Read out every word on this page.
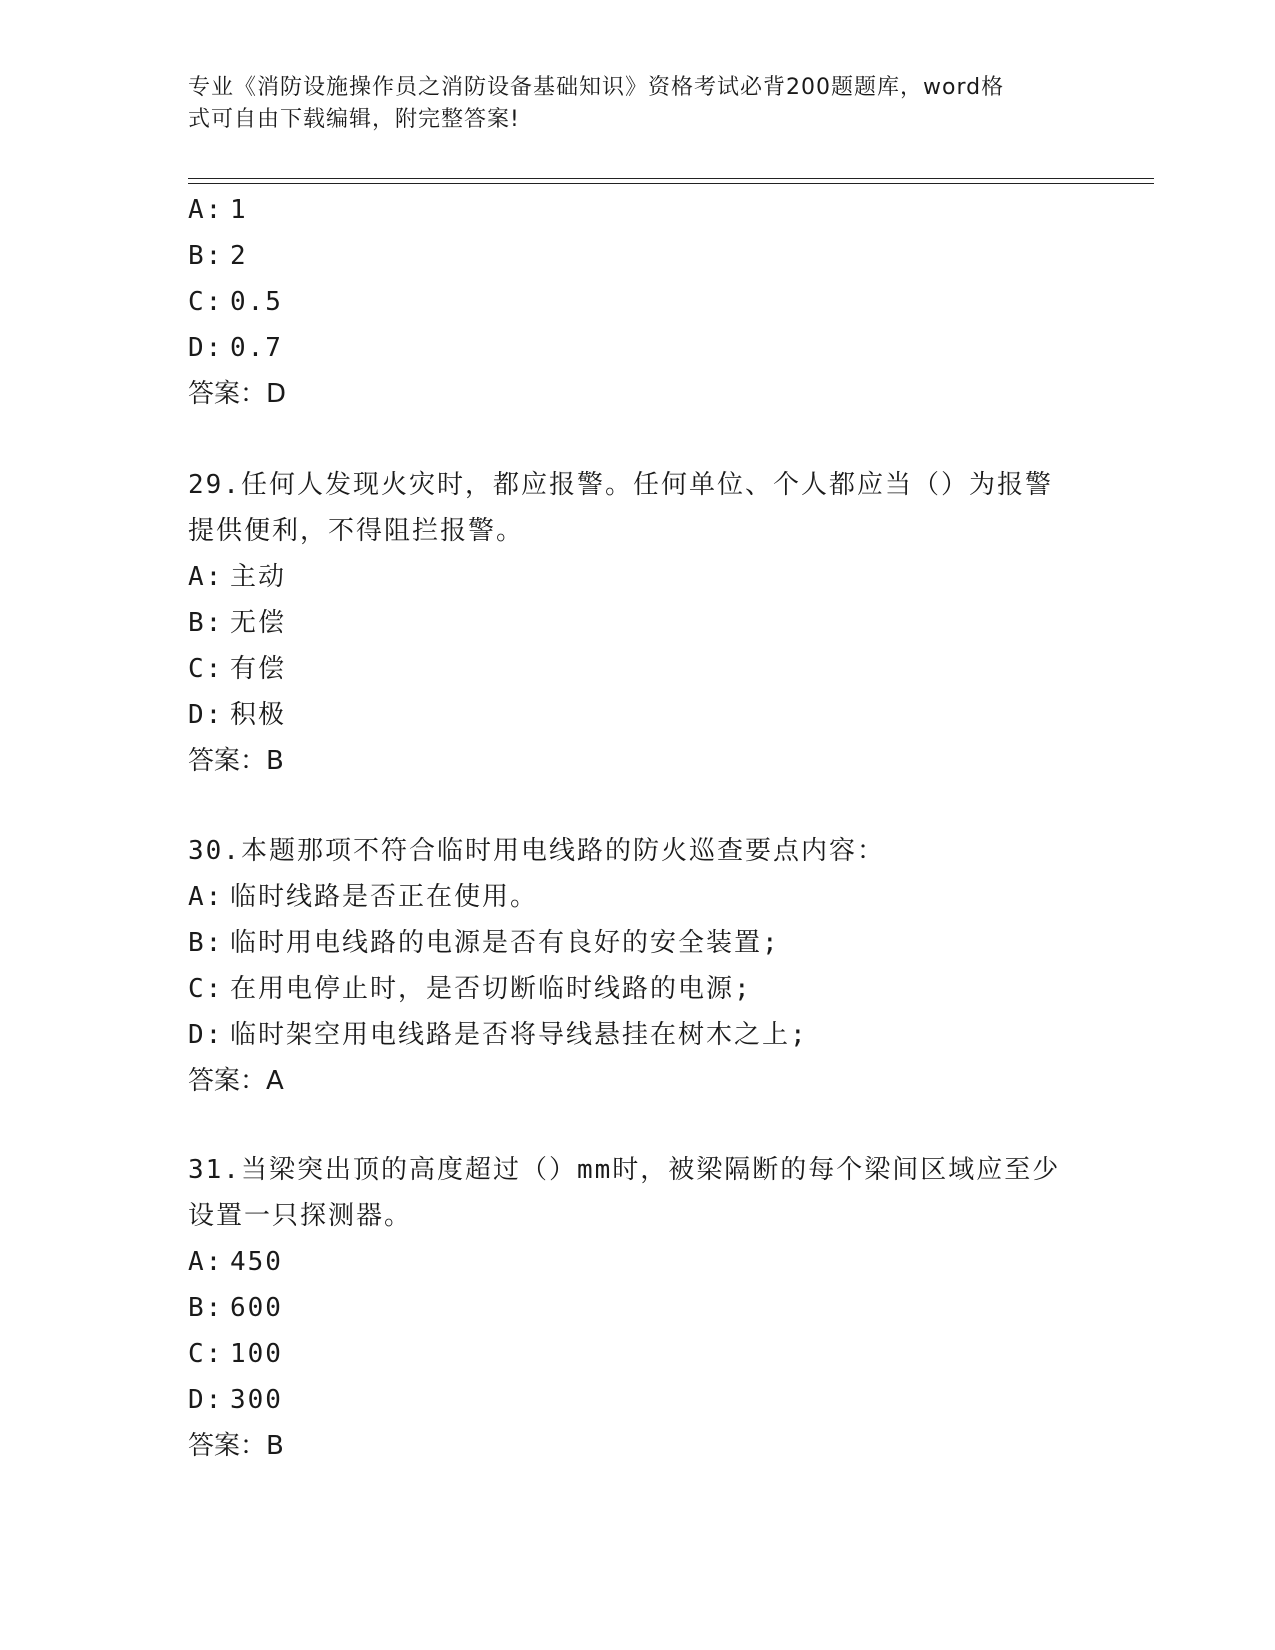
专业《消防设施操作员之消防设备基础知识》资格考试必背200题题库，word格
式可自由下载编辑，附完整答案!
A: 1
B: 2
C: 0.5
D: 0.7
答案：D
29.任何人发现火灾时，都应报警。任何单位、个人都应当（）为报警
提供便利，不得阻拦报警。
A: 主动
B: 无偿
C: 有偿
D: 积极
答案：B
30.本题那项不符合临时用电线路的防火巡查要点内容：
A: 临时线路是否正在使用。
B: 临时用电线路的电源是否有良好的安全装置;
C: 在用电停止时，是否切断临时线路的电源;
D: 临时架空用电线路是否将导线悬挂在树木之上;
答案：A
31.当梁突出顶的高度超过（）mm时，被梁隔断的每个梁间区域应至少
设置一只探测器。
A: 450
B: 600
C: 100
D: 300
答案：B
